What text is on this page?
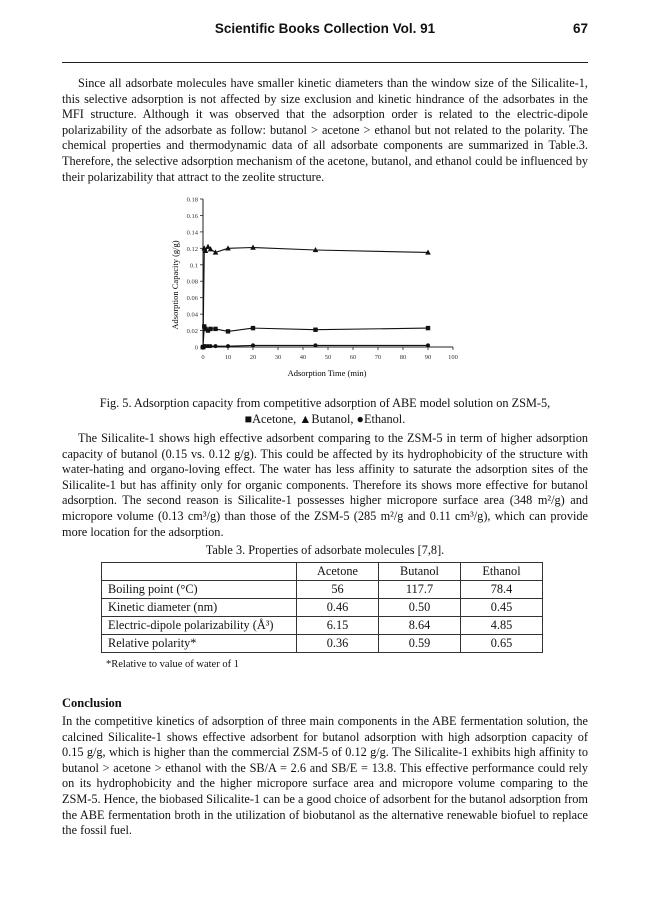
Scientific Books Collection Vol. 91	67

Since all adsorbate molecules have smaller kinetic diameters than the window size of the Silicalite-1, this selective adsorption is not affected by size exclusion and kinetic hindrance of the adsorbates in the MFI structure. Although it was observed that the adsorption order is related to the electric-dipole polarizability of the adsorbate as follow: butanol > acetone > ethanol but not related to the polarity. The chemical properties and thermodynamic data of all adsorbate components are summarized in Table.3. Therefore, the selective adsorption mechanism of the acetone, butanol, and ethanol could be influenced by their polarizability that attract to the zeolite structure.

0
0.02
0.04
0.06
0.08
0.1
0.12
0.14
0.16
0.18
0	10	20	30	40	50	60	70	80	90	100
Adsorption Time (min)
Adsorption Capacity (g/g)
Fig. 5. Adsorption capacity from competitive adsorption of ABE model solution on ZSM-5,
■Acetone, ▲Butanol, ●Ethanol.

The Silicalite-1 shows high effective adsorbent comparing to the ZSM-5 in term of higher adsorption capacity of butanol (0.15 vs. 0.12 g/g). This could be affected by its hydrophobicity of the structure with water-hating and organo-loving effect. The water has less affinity to saturate the adsorption sites of the Silicalite-1 but has affinity only for organic components. Therefore its shows more effective for butanol adsorption. The second reason is Silicalite-1 possesses higher micropore surface area (348 m²/g) and micropore volume (0.13 cm³/g) than those of the ZSM-5 (285 m²/g and 0.11 cm³/g), which can provide more location for the adsorption.

Table 3. Properties of adsorbate molecules [7,8].
	Acetone	Butanol	Ethanol
Boiling point (°C)	56	117.7	78.4
Kinetic diameter (nm)	0.46	0.50	0.45
Electric-dipole polarizability (Å³)	6.15	8.64	4.85
Relative polarity*	0.36	0.59	0.65
*Relative to value of water of 1
Conclusion

In the competitive kinetics of adsorption of three main components in the ABE fermentation solution, the calcined Silicalite-1 shows effective adsorbent for butanol adsorption with high adsorption capacity of 0.15 g/g, which is higher than the commercial ZSM-5 of 0.12 g/g. The Silicalite-1 exhibits high affinity to butanol > acetone > ethanol with the SB/A = 2.6 and SB/E = 13.8. This effective performance could rely on its hydrophobicity and the higher micropore surface area and micropore volume comparing to the ZSM-5. Hence, the biobased Silicalite-1 can be a good choice of adsorbent for the butanol adsorption from the ABE fermentation broth in the utilization of biobutanol as the alternative renewable biofuel to replace the fossil fuel.
